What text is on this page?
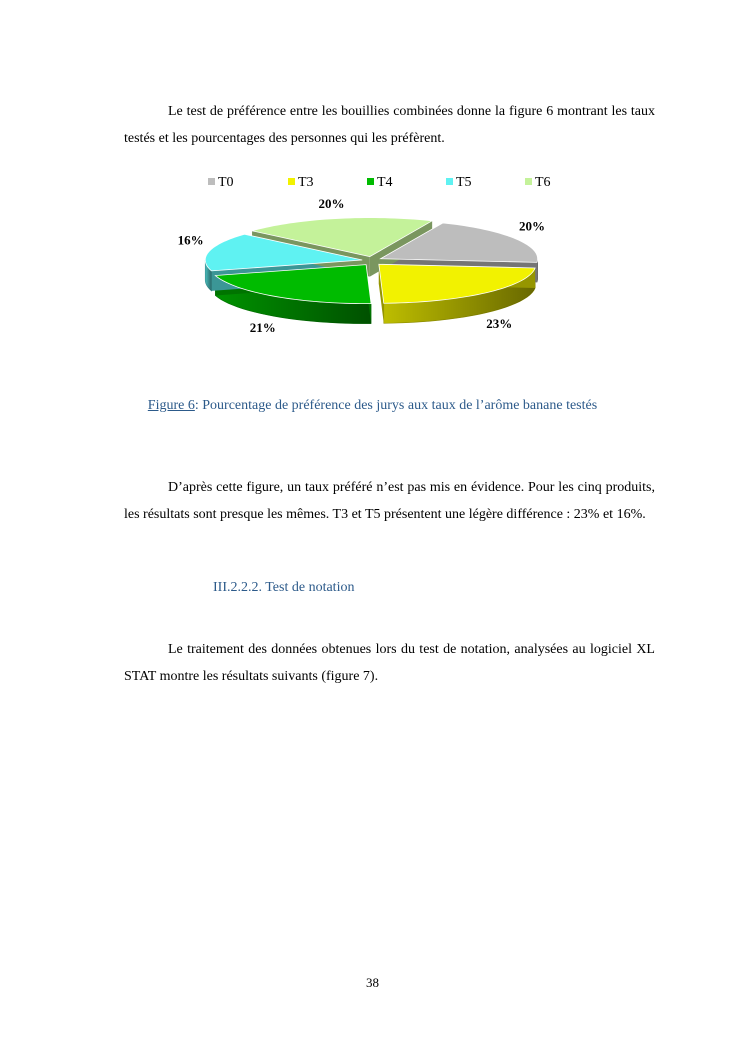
Le test de préférence entre les bouillies combinées donne la figure 6 montrant les taux testés et les pourcentages des personnes qui les préfèrent.

T0	T3	T4	T5	T6
20%
23%
21%
16%
20%
Figure 6: Pourcentage de préférence des jurys aux taux de l’arôme banane testés

D’après cette figure, un taux préféré n’est pas mis en évidence. Pour les cinq produits, les résultats sont presque les mêmes. T3 et T5 présentent une légère différence : 23% et 16%.

III.2.2.2. Test de notation

Le traitement des données obtenues lors du test de notation, analysées au logiciel XL STAT montre les résultats suivants (figure 7).

38
